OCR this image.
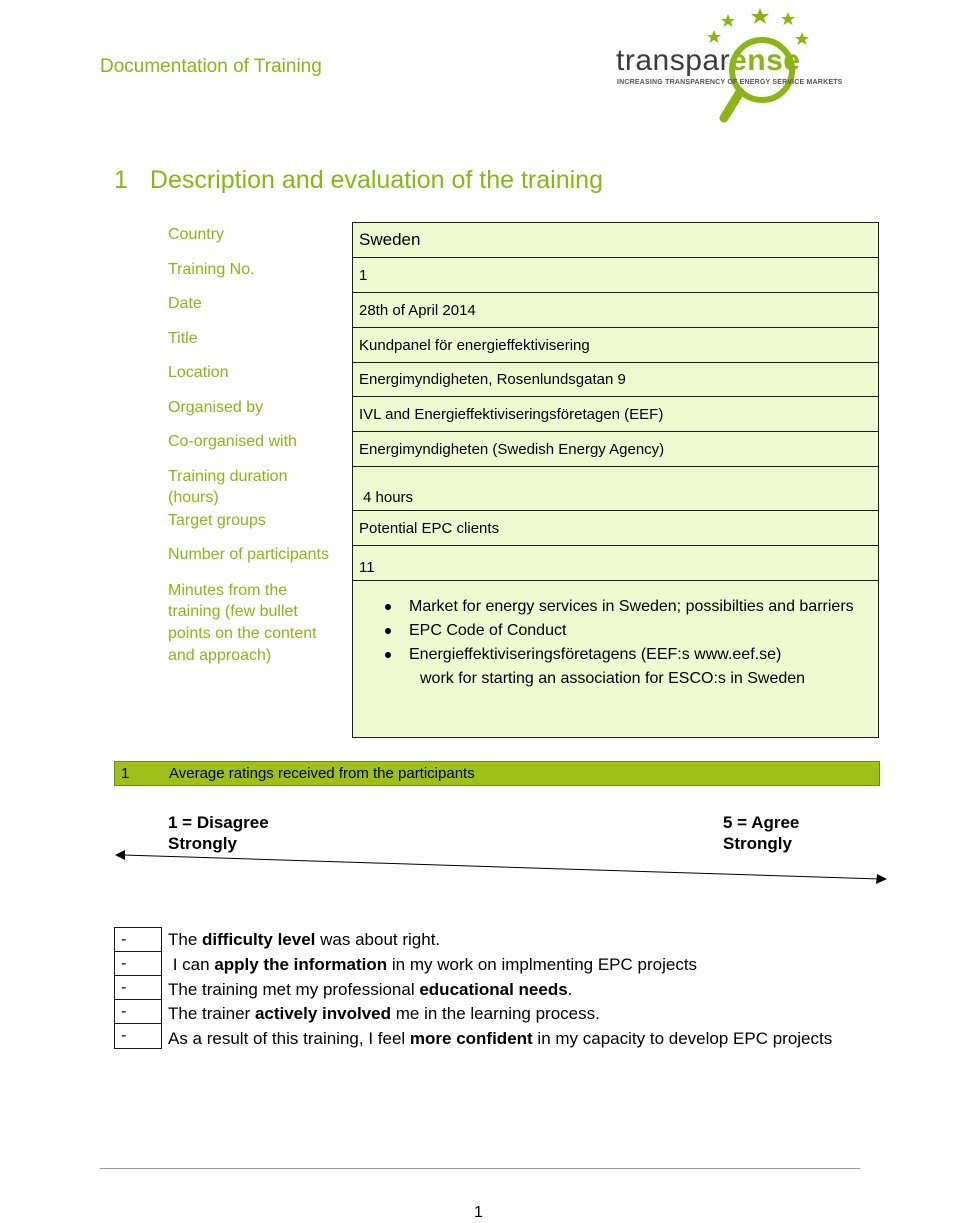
Documentation of Training	transparense
INCREASING TRANSPARENCY OF ENERGY SERVICE MARKETS
1 Description and evaluation of the training
Country
Training No.
Date
Title
Location
Organised by
Co-organised with
Training duration
(hours)
Target groups
Number of participants
Minutes from the
training (few bullet
points on the content
and approach)
Sweden
1
28th of April 2014
Kundpanel för energieffektivisering
Energimyndigheten, Rosenlundsgatan 9
IVL and Energieffektiviseringsföretagen (EEF)
Energimyndigheten (Swedish Energy Agency)
4 hours
Potential EPC clients
11
Market for energy services in Sweden; possibilties and barriers
EPC Code of Conduct
Energieffektiviseringsföretagens (EEF:s www.eef.se)
work for starting an association for ESCO:s in Sweden
1	Average ratings received from the participants
1 = Disagree
Strongly
5 = Agree
Strongly
-
-
-
-
-
The difficulty level was about right.
I can apply the information in my work on implmenting EPC projects
The training met my professional educational needs.
The trainer actively involved me in the learning process.
As a result of this training, I feel more confident in my capacity to develop EPC projects
1
